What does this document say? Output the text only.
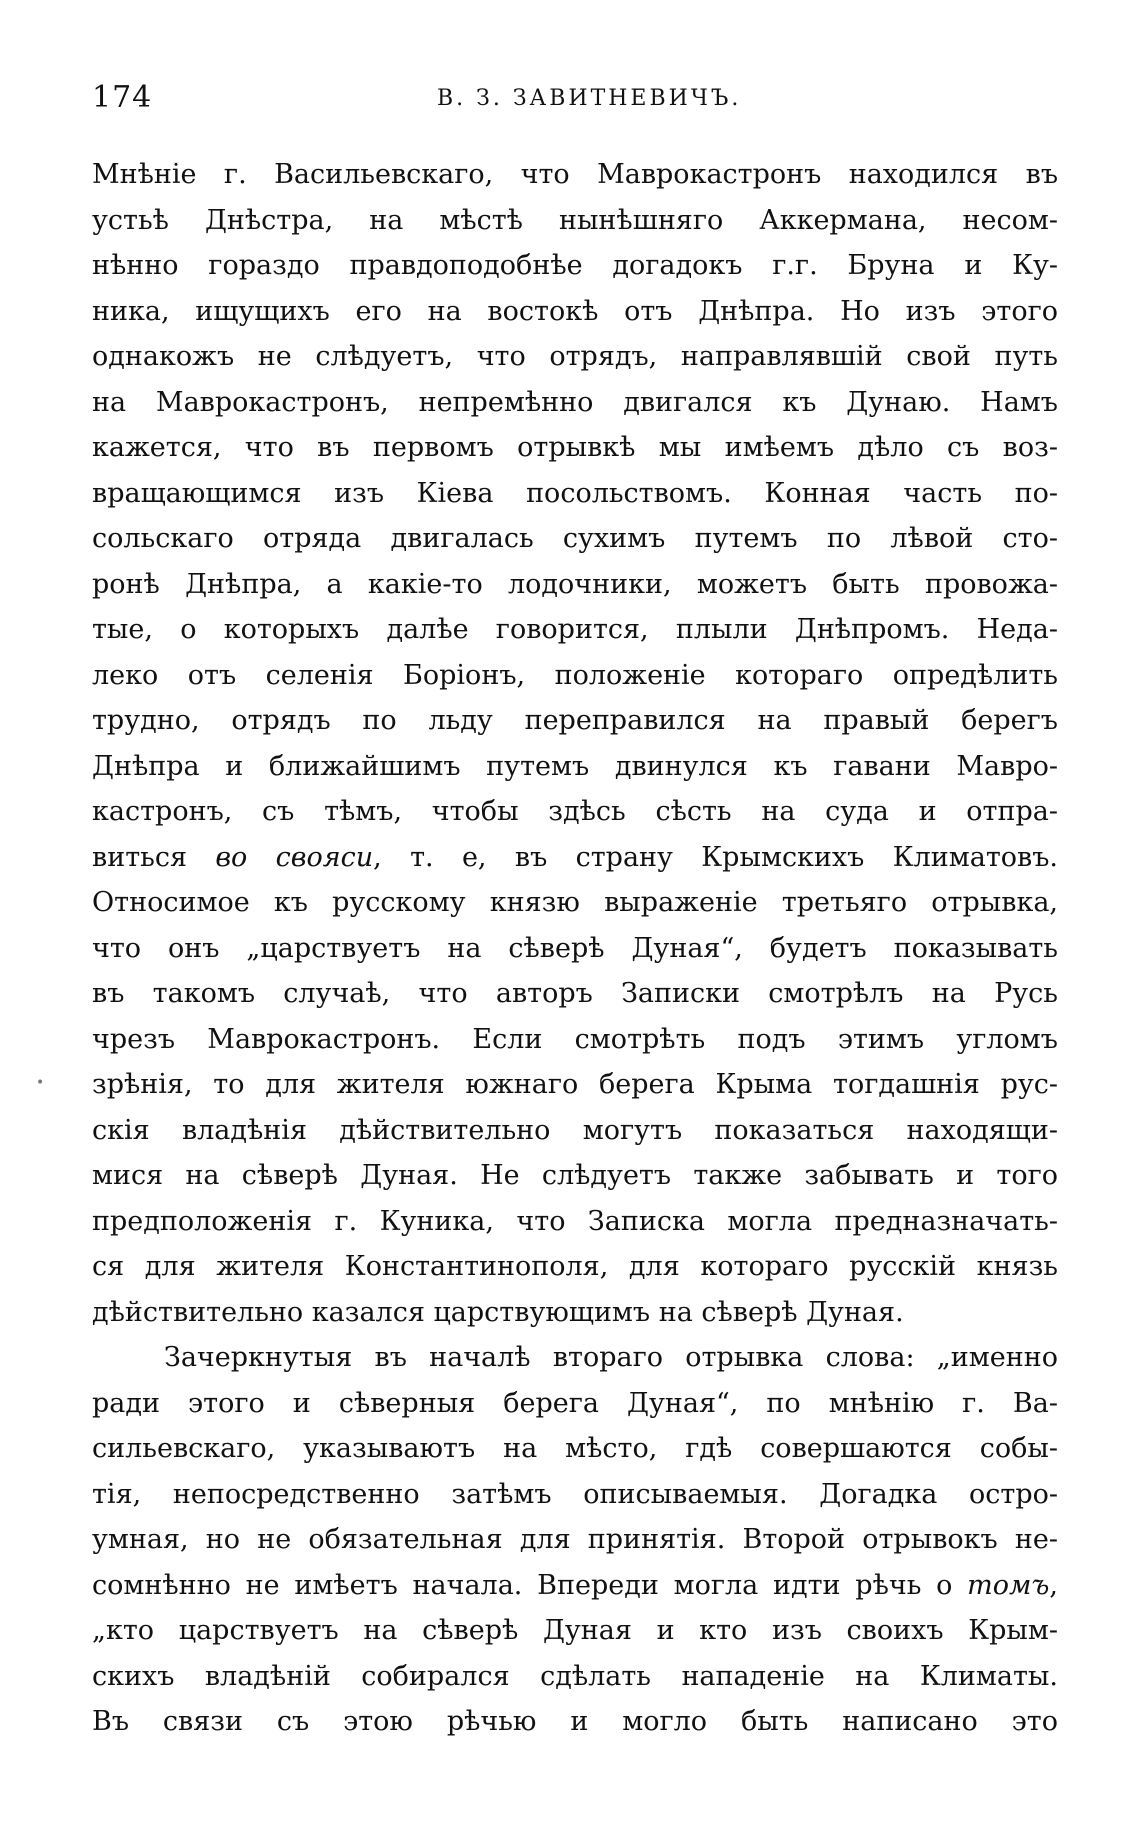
174	В. З. ЗАВИТНЕВИЧЪ.
Мнѣніе г. Васильевскаго, что Маврокастронъ находился въ
устьѣ Днѣстра, на мѣстѣ нынѣшняго Аккермана, несом-
нѣнно гораздо правдоподобнѣе догадокъ г.г. Бруна и Ку-
ника, ищущихъ его на востокѣ отъ Днѣпра. Но изъ этого
однакожъ не слѣдуетъ, что отрядъ, направлявшій свой путь
на Маврокастронъ, непремѣнно двигался къ Дунаю. Намъ
кажется, что въ первомъ отрывкѣ мы имѣемъ дѣло съ воз-
вращающимся изъ Кіева посольствомъ. Конная часть по-
сольскаго отряда двигалась сухимъ путемъ по лѣвой сто-
ронѣ Днѣпра, а какіе-то лодочники, можетъ быть провожа-
тые, о которыхъ далѣе говорится, плыли Днѣпромъ. Неда-
леко отъ селенія Боріонъ, положеніе котораго опредѣлить
трудно, отрядъ по льду переправился на правый берегъ
Днѣпра и ближайшимъ путемъ двинулся къ гавани Мавро-
кастронъ, съ тѣмъ, чтобы здѣсь сѣсть на суда и отпра-
виться во свояси, т. е, въ страну Крымскихъ Климатовъ.
Относимое къ русскому князю выраженіе третьяго отрывка,
что онъ „царствуетъ на сѣверѣ Дуная“, будетъ показывать
въ такомъ случаѣ, что авторъ Записки смотрѣлъ на Русь
чрезъ Маврокастронъ. Если смотрѣть подъ этимъ угломъ
зрѣнія, то для жителя южнаго берега Крыма тогдашнія рус-
скія владѣнія дѣйствительно могутъ показаться находящи-
мися на сѣверѣ Дуная. Не слѣдуетъ также забывать и того
предположенія г. Куника, что Записка могла предназначать-
ся для жителя Константинополя, для котораго русскій князь
дѣйствительно казался царствующимъ на сѣверѣ Дуная.
Зачеркнутыя въ началѣ втораго отрывка слова: „именно
ради этого и сѣверныя берега Дуная“, по мнѣнію г. Ва-
сильевскаго, указываютъ на мѣсто, гдѣ совершаются собы-
тія, непосредственно затѣмъ описываемыя. Догадка остро-
умная, но не обязательная для принятія. Второй отрывокъ не-
сомнѣнно не имѣетъ начала. Впереди могла идти рѣчь о томъ,
„кто царствуетъ на сѣверѣ Дуная и кто изъ своихъ Крым-
скихъ владѣній собирался сдѣлать нападеніе на Климаты.
Въ связи съ этою рѣчью и могло быть написано это
•
